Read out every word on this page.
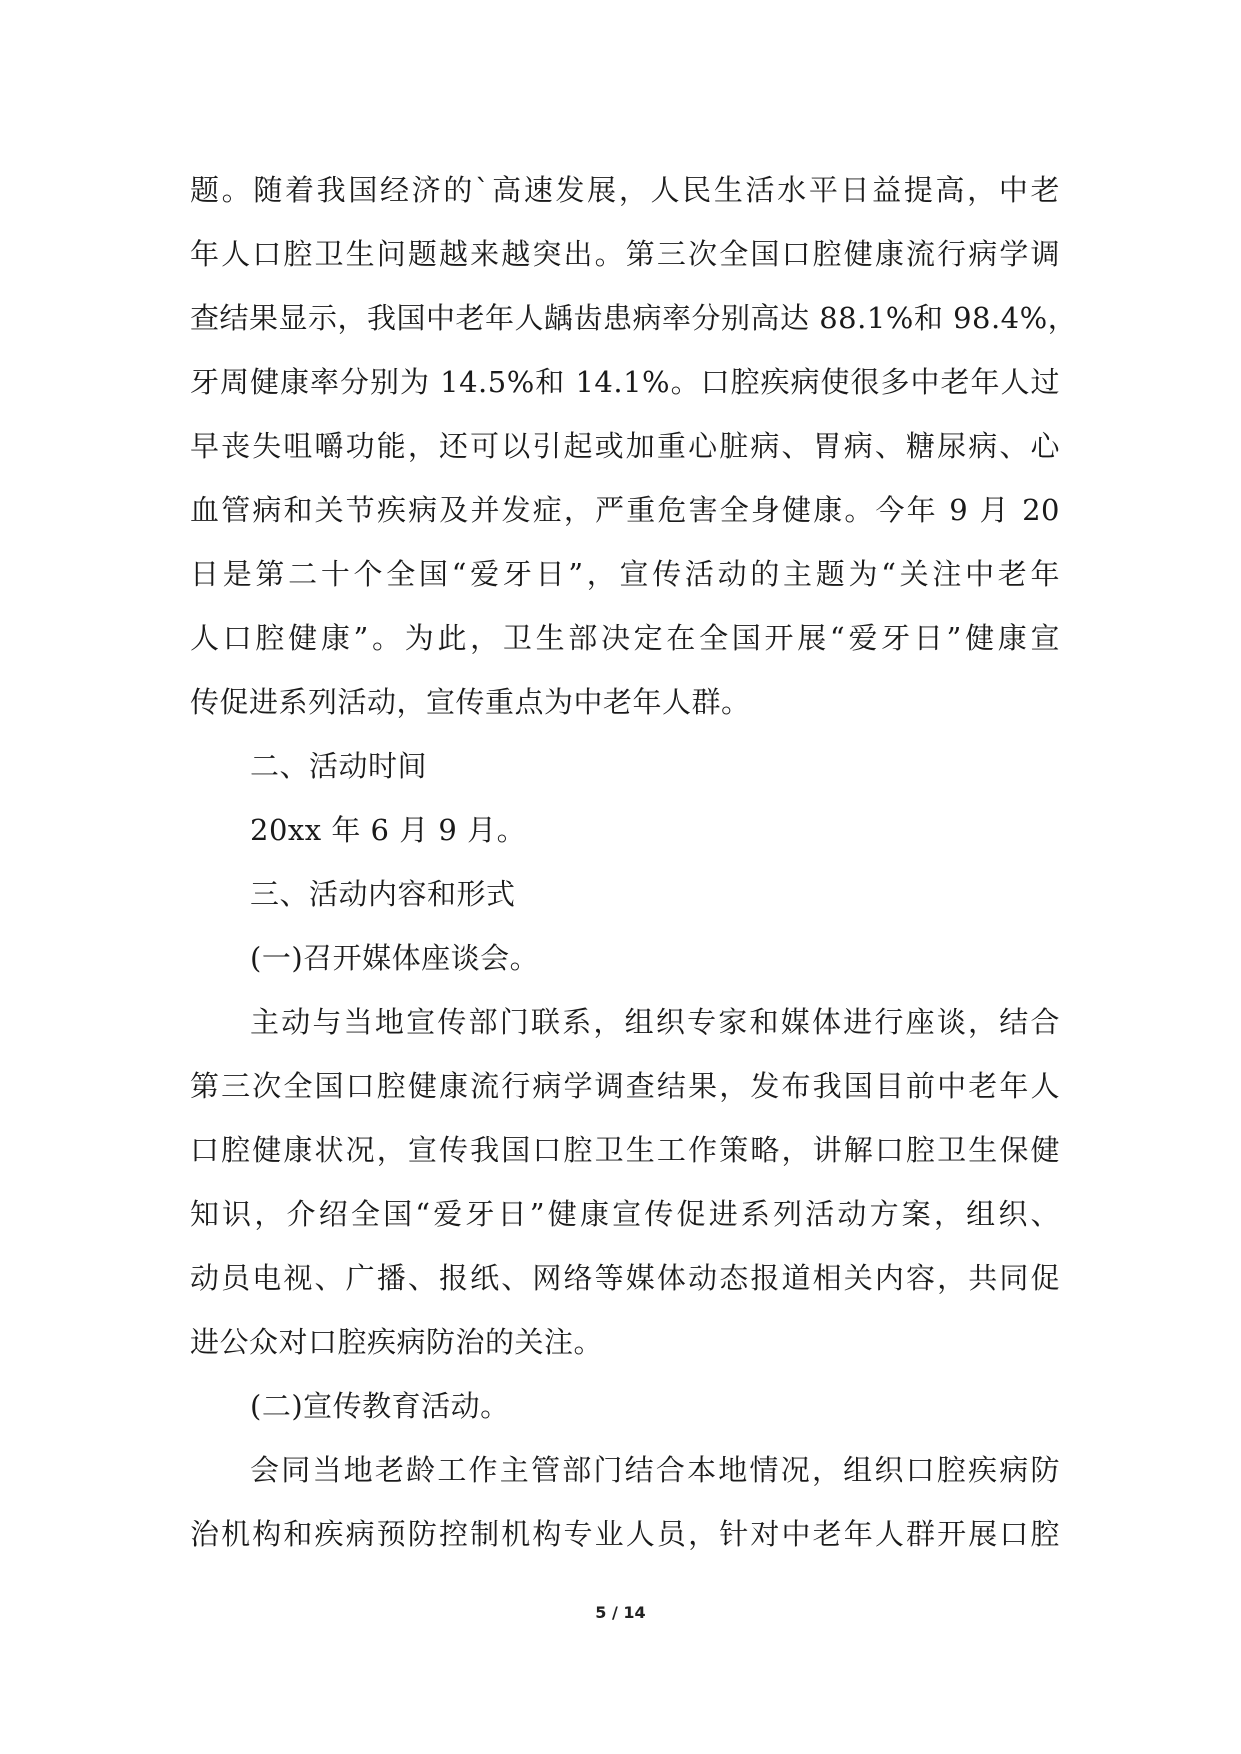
题。随着我国经济的`高速发展，人民生活水平日益提高，中老
年人口腔卫生问题越来越突出。第三次全国口腔健康流行病学调
查结果显示，我国中老年人龋齿患病率分别高达 88.1%和 98.4%，
牙周健康率分别为 14.5%和 14.1%。口腔疾病使很多中老年人过
早丧失咀嚼功能，还可以引起或加重心脏病、胃病、糖尿病、心
血管病和关节疾病及并发症，严重危害全身健康。今年 9 月 20
日是第二十个全国“爱牙日”，宣传活动的主题为“关注中老年
人口腔健康”。为此，卫生部决定在全国开展“爱牙日”健康宣
传促进系列活动，宣传重点为中老年人群。
二、活动时间
20xx 年 6 月 9 月。
三、活动内容和形式
(一)召开媒体座谈会。
主动与当地宣传部门联系，组织专家和媒体进行座谈，结合
第三次全国口腔健康流行病学调查结果，发布我国目前中老年人
口腔健康状况，宣传我国口腔卫生工作策略，讲解口腔卫生保健
知识，介绍全国“爱牙日”健康宣传促进系列活动方案，组织、
动员电视、广播、报纸、网络等媒体动态报道相关内容，共同促
进公众对口腔疾病防治的关注。
(二)宣传教育活动。
会同当地老龄工作主管部门结合本地情况，组织口腔疾病防
治机构和疾病预防控制机构专业人员，针对中老年人群开展口腔
5 / 14
